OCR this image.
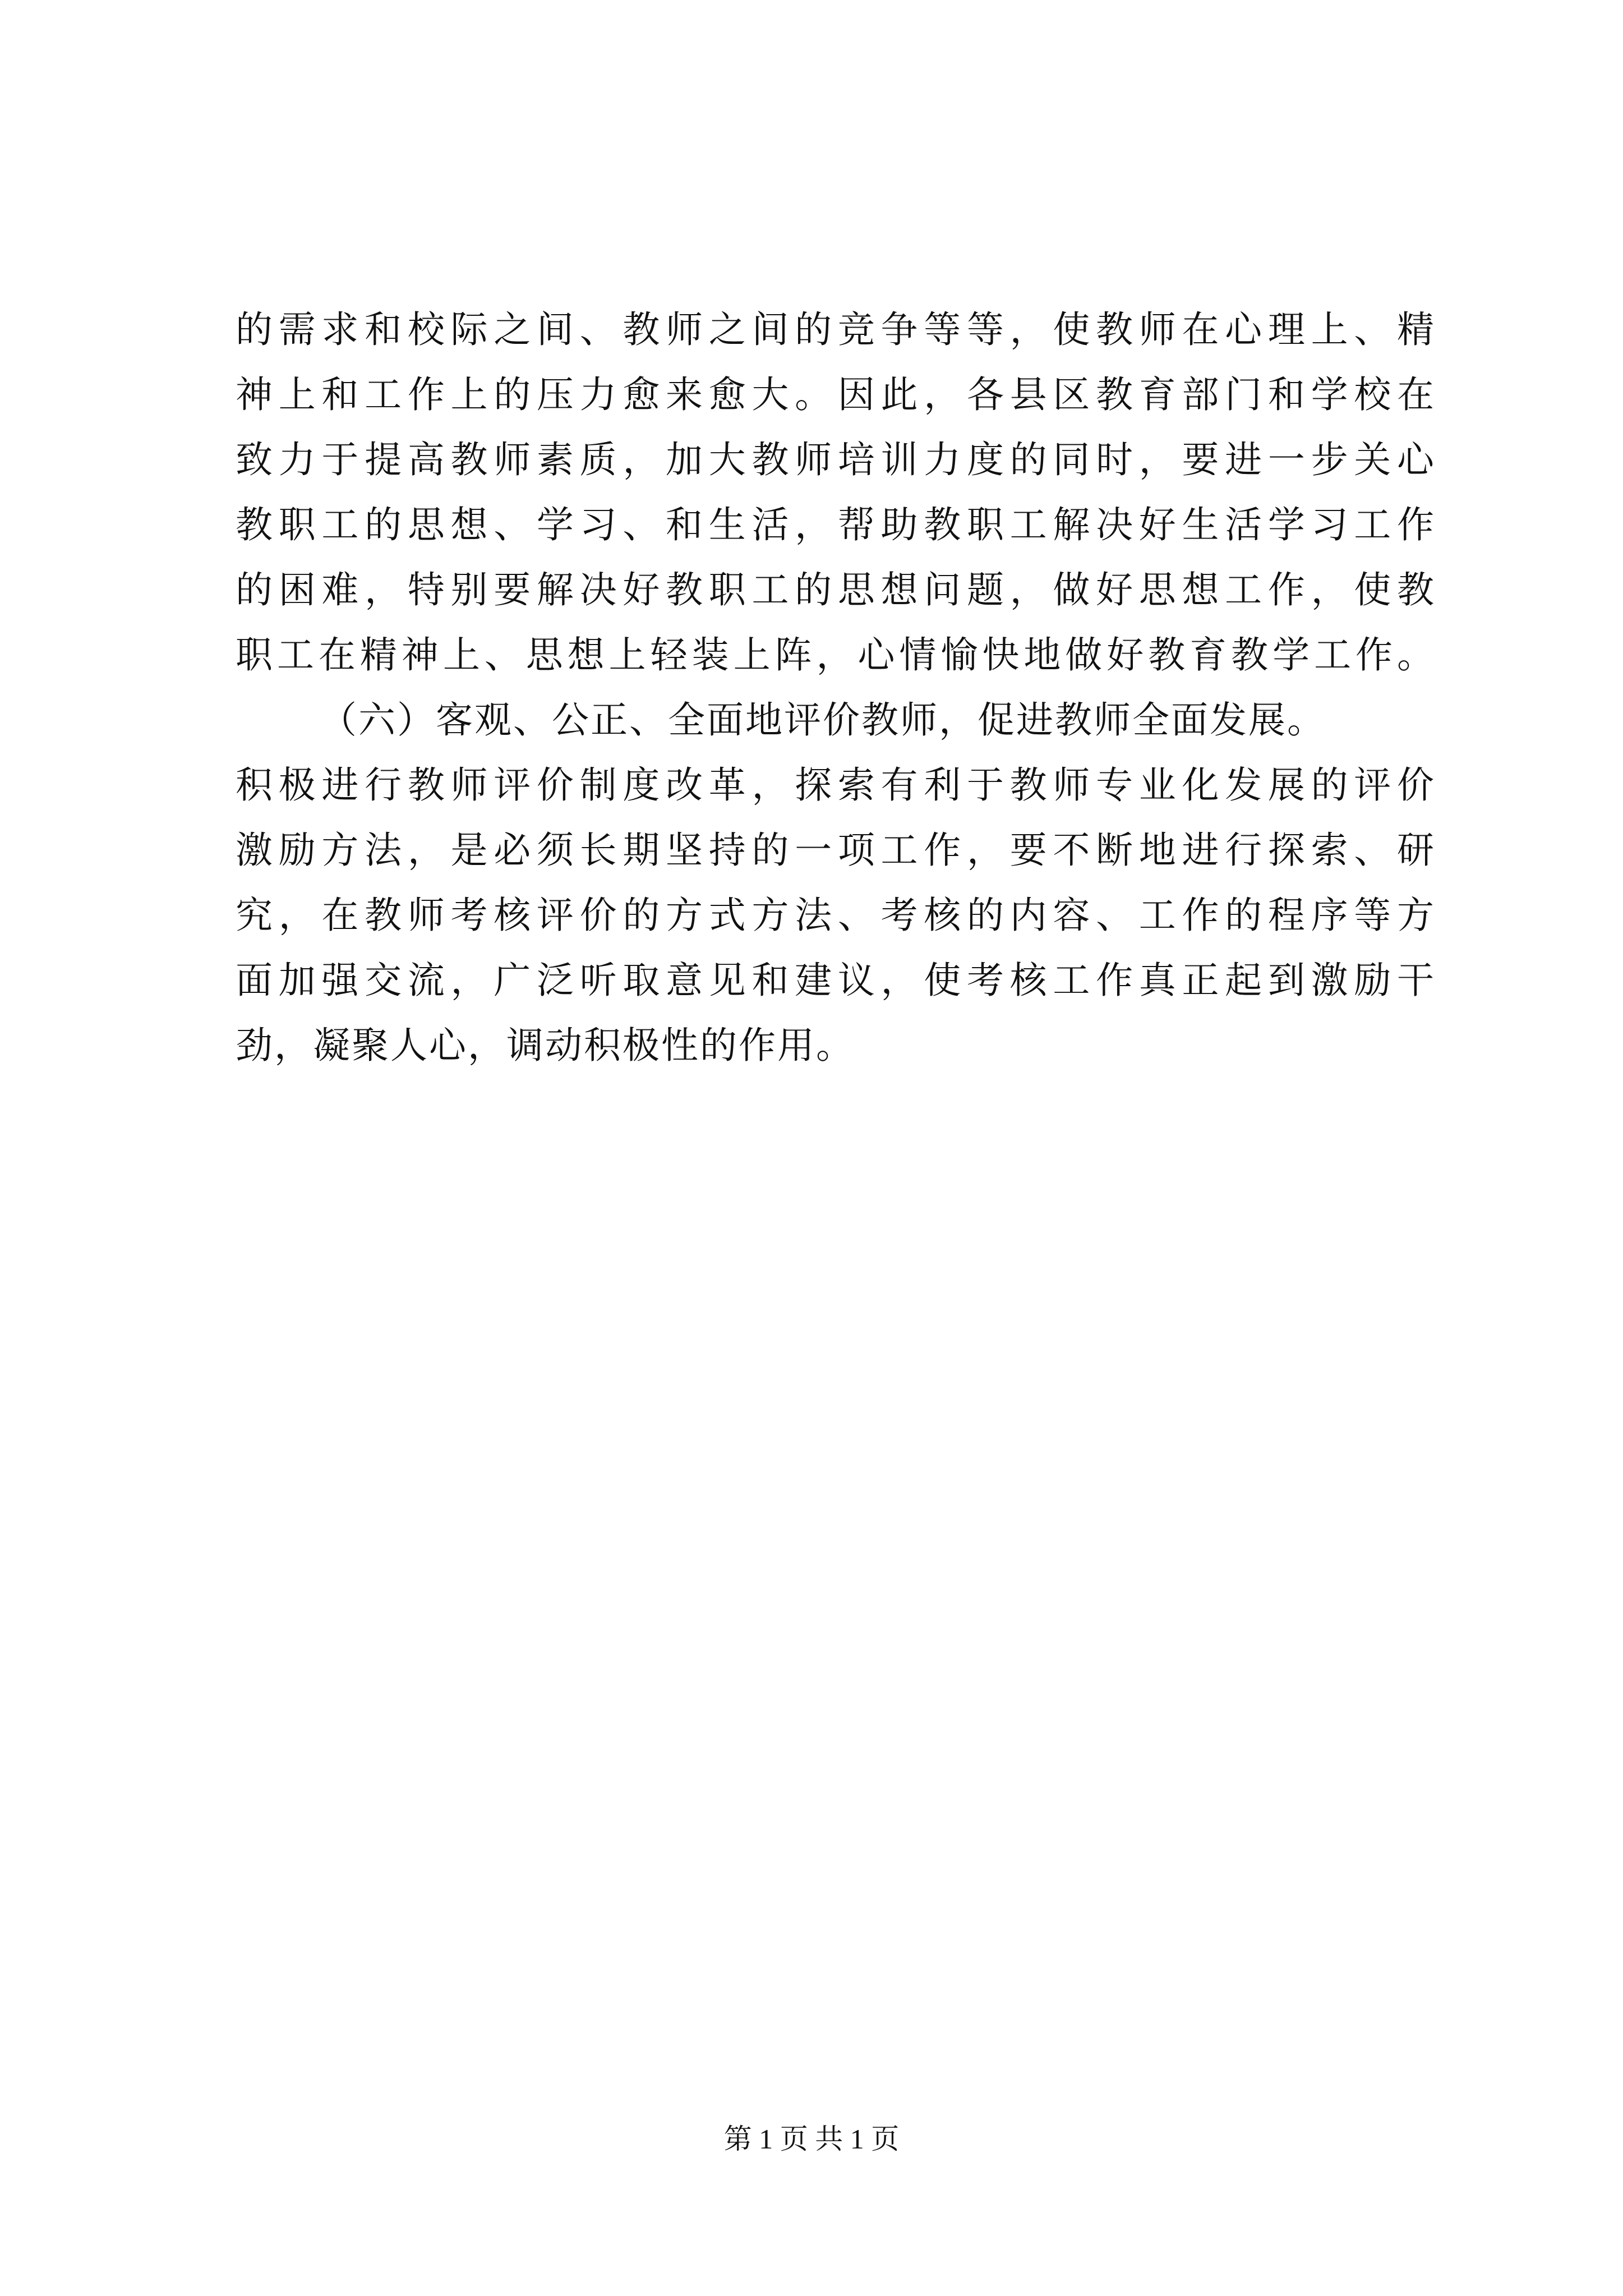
的需求和校际之间、教师之间的竞争等等，使教师在心理上、精
神上和工作上的压力愈来愈大。因此，各县区教育部门和学校在
致力于提高教师素质，加大教师培训力度的同时，要进一步关心
教职工的思想、学习、和生活，帮助教职工解决好生活学习工作
的困难，特别要解决好教职工的思想问题，做好思想工作，使教
职工在精神上、思想上轻装上阵，心情愉快地做好教育教学工作。
（六）客观、公正、全面地评价教师，促进教师全面发展。
积极进行教师评价制度改革，探索有利于教师专业化发展的评价
激励方法，是必须长期坚持的一项工作，要不断地进行探索、研
究，在教师考核评价的方式方法、考核的内容、工作的程序等方
面加强交流，广泛听取意见和建议，使考核工作真正起到激励干
劲，凝聚人心，调动积极性的作用。
第 1 页 共 1 页
